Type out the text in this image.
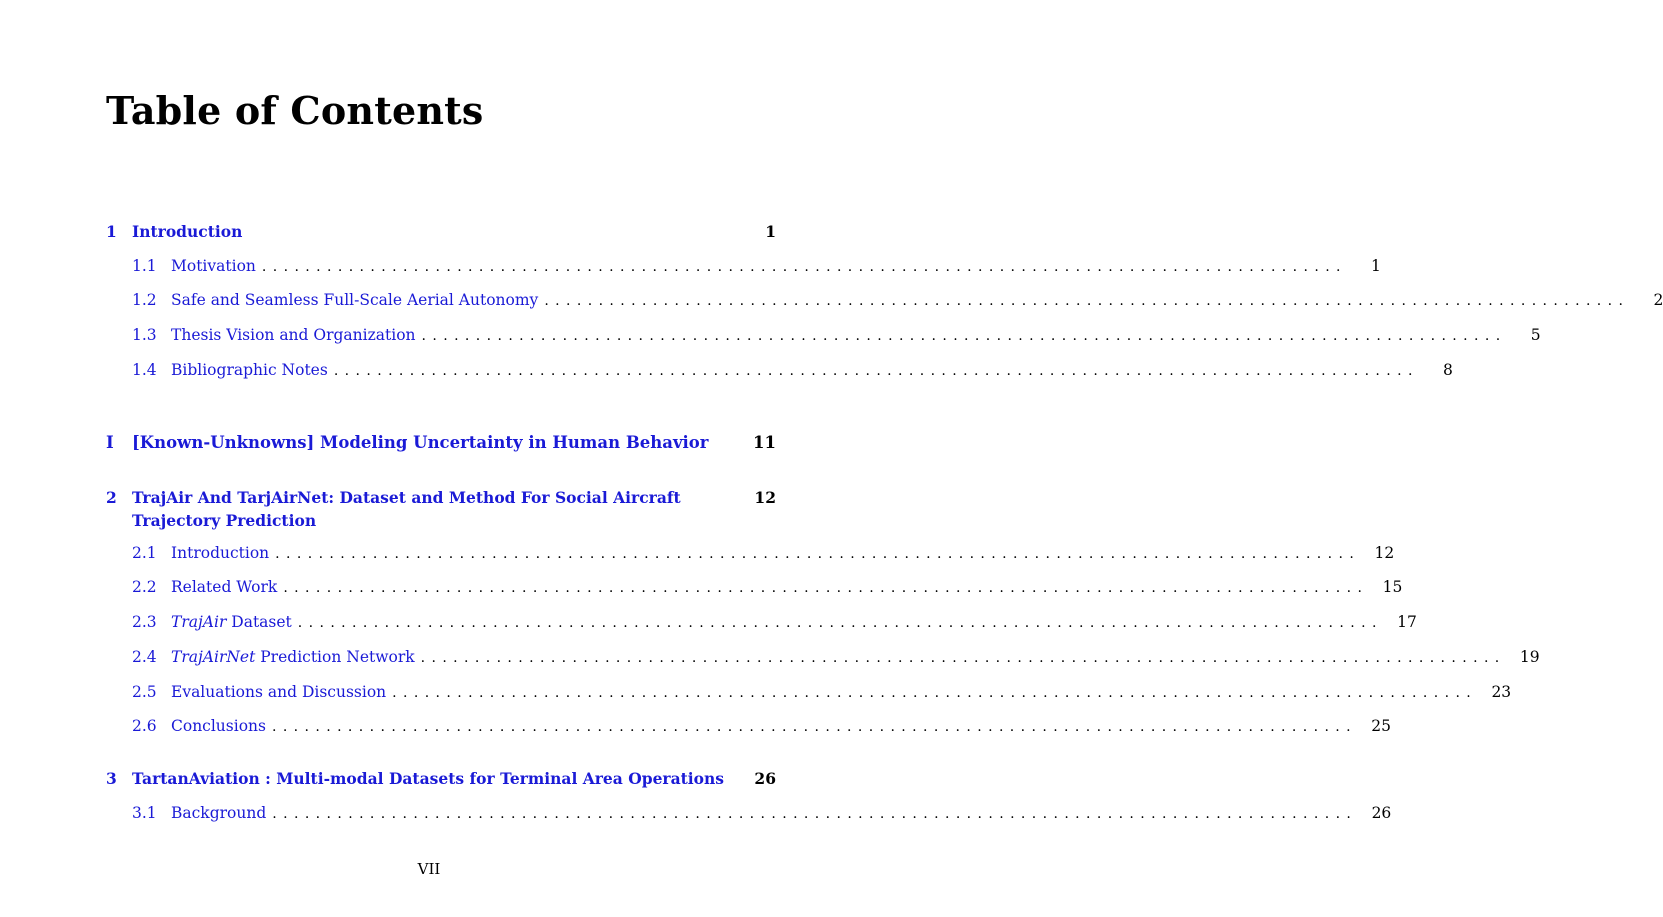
Table of Contents
1 Introduction	1
1.1 Motivation ....................................................................................................	1
1.2 Safe and Seamless Full-Scale Aerial Autonomy ....................................................................................................	2
1.3 Thesis Vision and Organization ....................................................................................................	5
1.4 Bibliographic Notes ....................................................................................................	8
I	[Known-Unknowns] Modeling Uncertainty in Human Behavior	11
2 TrajAir And TarjAirNet: Dataset and Method For Social Aircraft Trajectory Prediction
12
2.1 Introduction .................................................................................................... 12
2.2 Related Work .................................................................................................... 15
2.3 TrajAir Dataset .................................................................................................... 17
2.4 TrajAirNet Prediction Network .................................................................................................... 19
2.5 Evaluations and Discussion .................................................................................................... 23
2.6 Conclusions .................................................................................................... 25
3 TartanAviation : Multi-modal Datasets for Terminal Area Operations	26
3.1 Background .................................................................................................... 26
VII
